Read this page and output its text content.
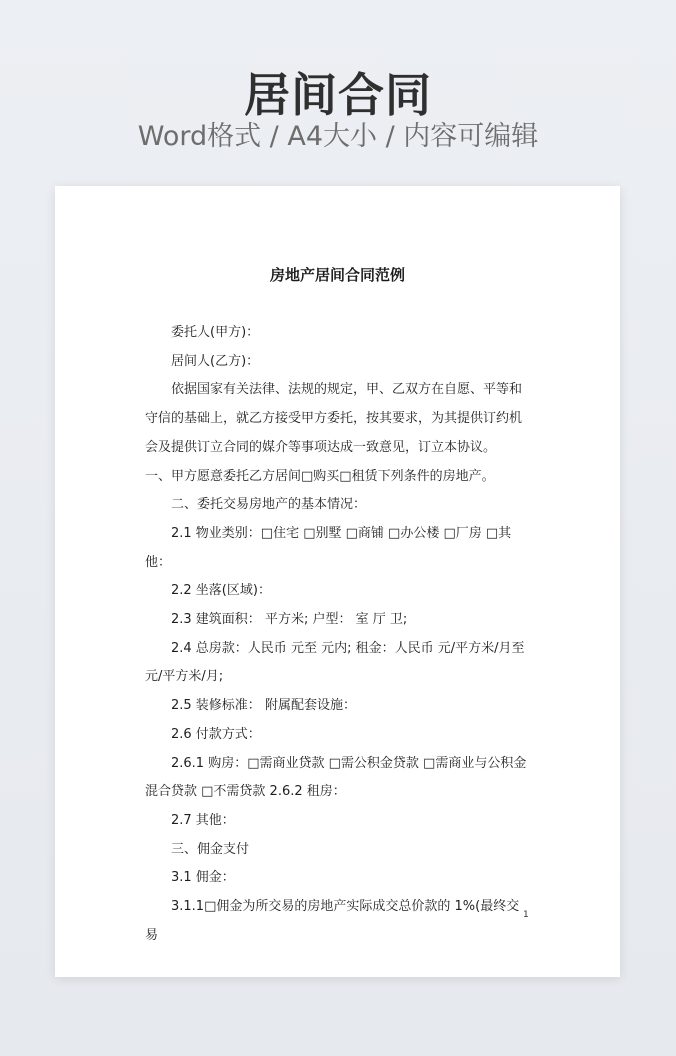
居间合同
Word格式 / A4大小 / 内容可编辑
房地产居间合同范例

委托人(甲方)：

居间人(乙方)：

依据国家有关法律、法规的规定，甲、乙双方在自愿、平等和守信的基础上，就乙方接受甲方委托，按其要求，为其提供订约机会及提供订立合同的媒介等事项达成一致意见，订立本协议。

一、甲方愿意委托乙方居间□购买□租赁下列条件的房地产。

二、委托交易房地产的基本情况：

2.1 物业类别：□住宅 □别墅 □商铺 □办公楼 □厂房 □其他：

2.2 坐落(区域)：

2.3 建筑面积： 平方米; 户型： 室 厅 卫;

2.4 总房款：人民币 元至 元内; 租金：人民币 元/平方米/月至元/平方米/月;

2.5 装修标准： 附属配套设施：

2.6 付款方式：

2.6.1 购房：□需商业贷款 □需公积金贷款 □需商业与公积金混合贷款 □不需贷款 2.6.2 租房：

2.7 其他：

三、佣金支付

3.1 佣金：

3.1.1□佣金为所交易的房地产实际成交总价款的 1%(最终交易

1
